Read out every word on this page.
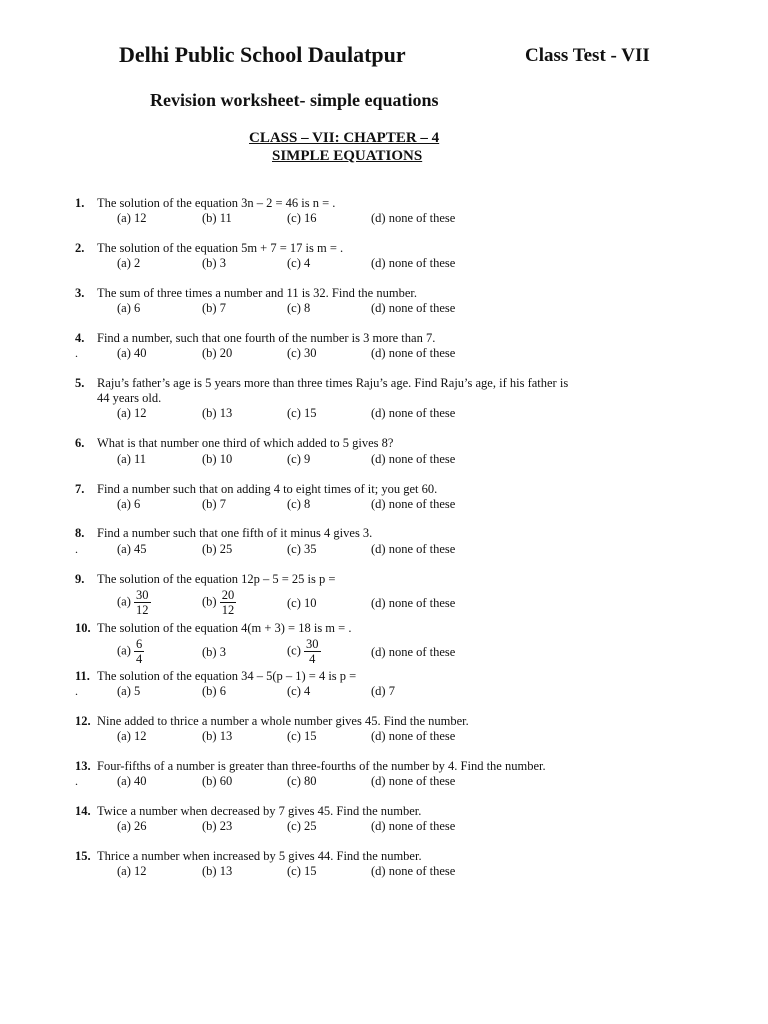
Delhi Public School Daulatpur	Class Test - VII
Revision worksheet- simple equations
CLASS – VII: CHAPTER – 4
SIMPLE EQUATIONS
1. The solution of the equation 3n – 2 = 46 is n = .
(a) 12	(b) 11	(c) 16	(d) none of these
2. The solution of the equation 5m + 7 = 17 is m = .
(a) 2	(b) 3	(c) 4	(d) none of these
3. The sum of three times a number and 11 is 32. Find the number.
(a) 6	(b) 7	(c) 8	(d) none of these
4. Find a number, such that one fourth of the number is 3 more than 7.
.	(a) 40	(b) 20	(c) 30	(d) none of these
5. Raju’s father’s age is 5 years more than three times Raju’s age. Find Raju’s age, if his father is
44 years old.
(a) 12	(b) 13	(c) 15	(d) none of these
6. What is that number one third of which added to 5 gives 8?
(a) 11	(b) 10	(c) 9	(d) none of these
7. Find a number such that on adding 4 to eight times of it; you get 60.
(a) 6	(b) 7	(c) 8	(d) none of these
8. Find a number such that one fifth of it minus 4 gives 3.
.	(a) 45	(b) 25	(c) 35	(d) none of these
9. The solution of the equation 12p – 5 = 25 is p =
$(a) \frac{30}{12}$	$(b) \frac{20}{12}$	(c) 10	(d) none of these
10. The solution of the equation 4(m + 3) = 18 is m = .
$(a) \frac{6}{4}$	(b) 3	$(c) \frac{30}{4}$	(d) none of these
11. The solution of the equation 34 – 5(p – 1) = 4 is p =
.	(a) 5	(b) 6	(c) 4	(d) 7
12. Nine added to thrice a number a whole number gives 45. Find the number.
(a) 12	(b) 13	(c) 15	(d) none of these
13. Four-fifths of a number is greater than three-fourths of the number by 4. Find the number.
.	(a) 40	(b) 60	(c) 80	(d) none of these
14. Twice a number when decreased by 7 gives 45. Find the number.
(a) 26	(b) 23	(c) 25	(d) none of these
15. Thrice a number when increased by 5 gives 44. Find the number.
(a) 12	(b) 13	(c) 15	(d) none of these
